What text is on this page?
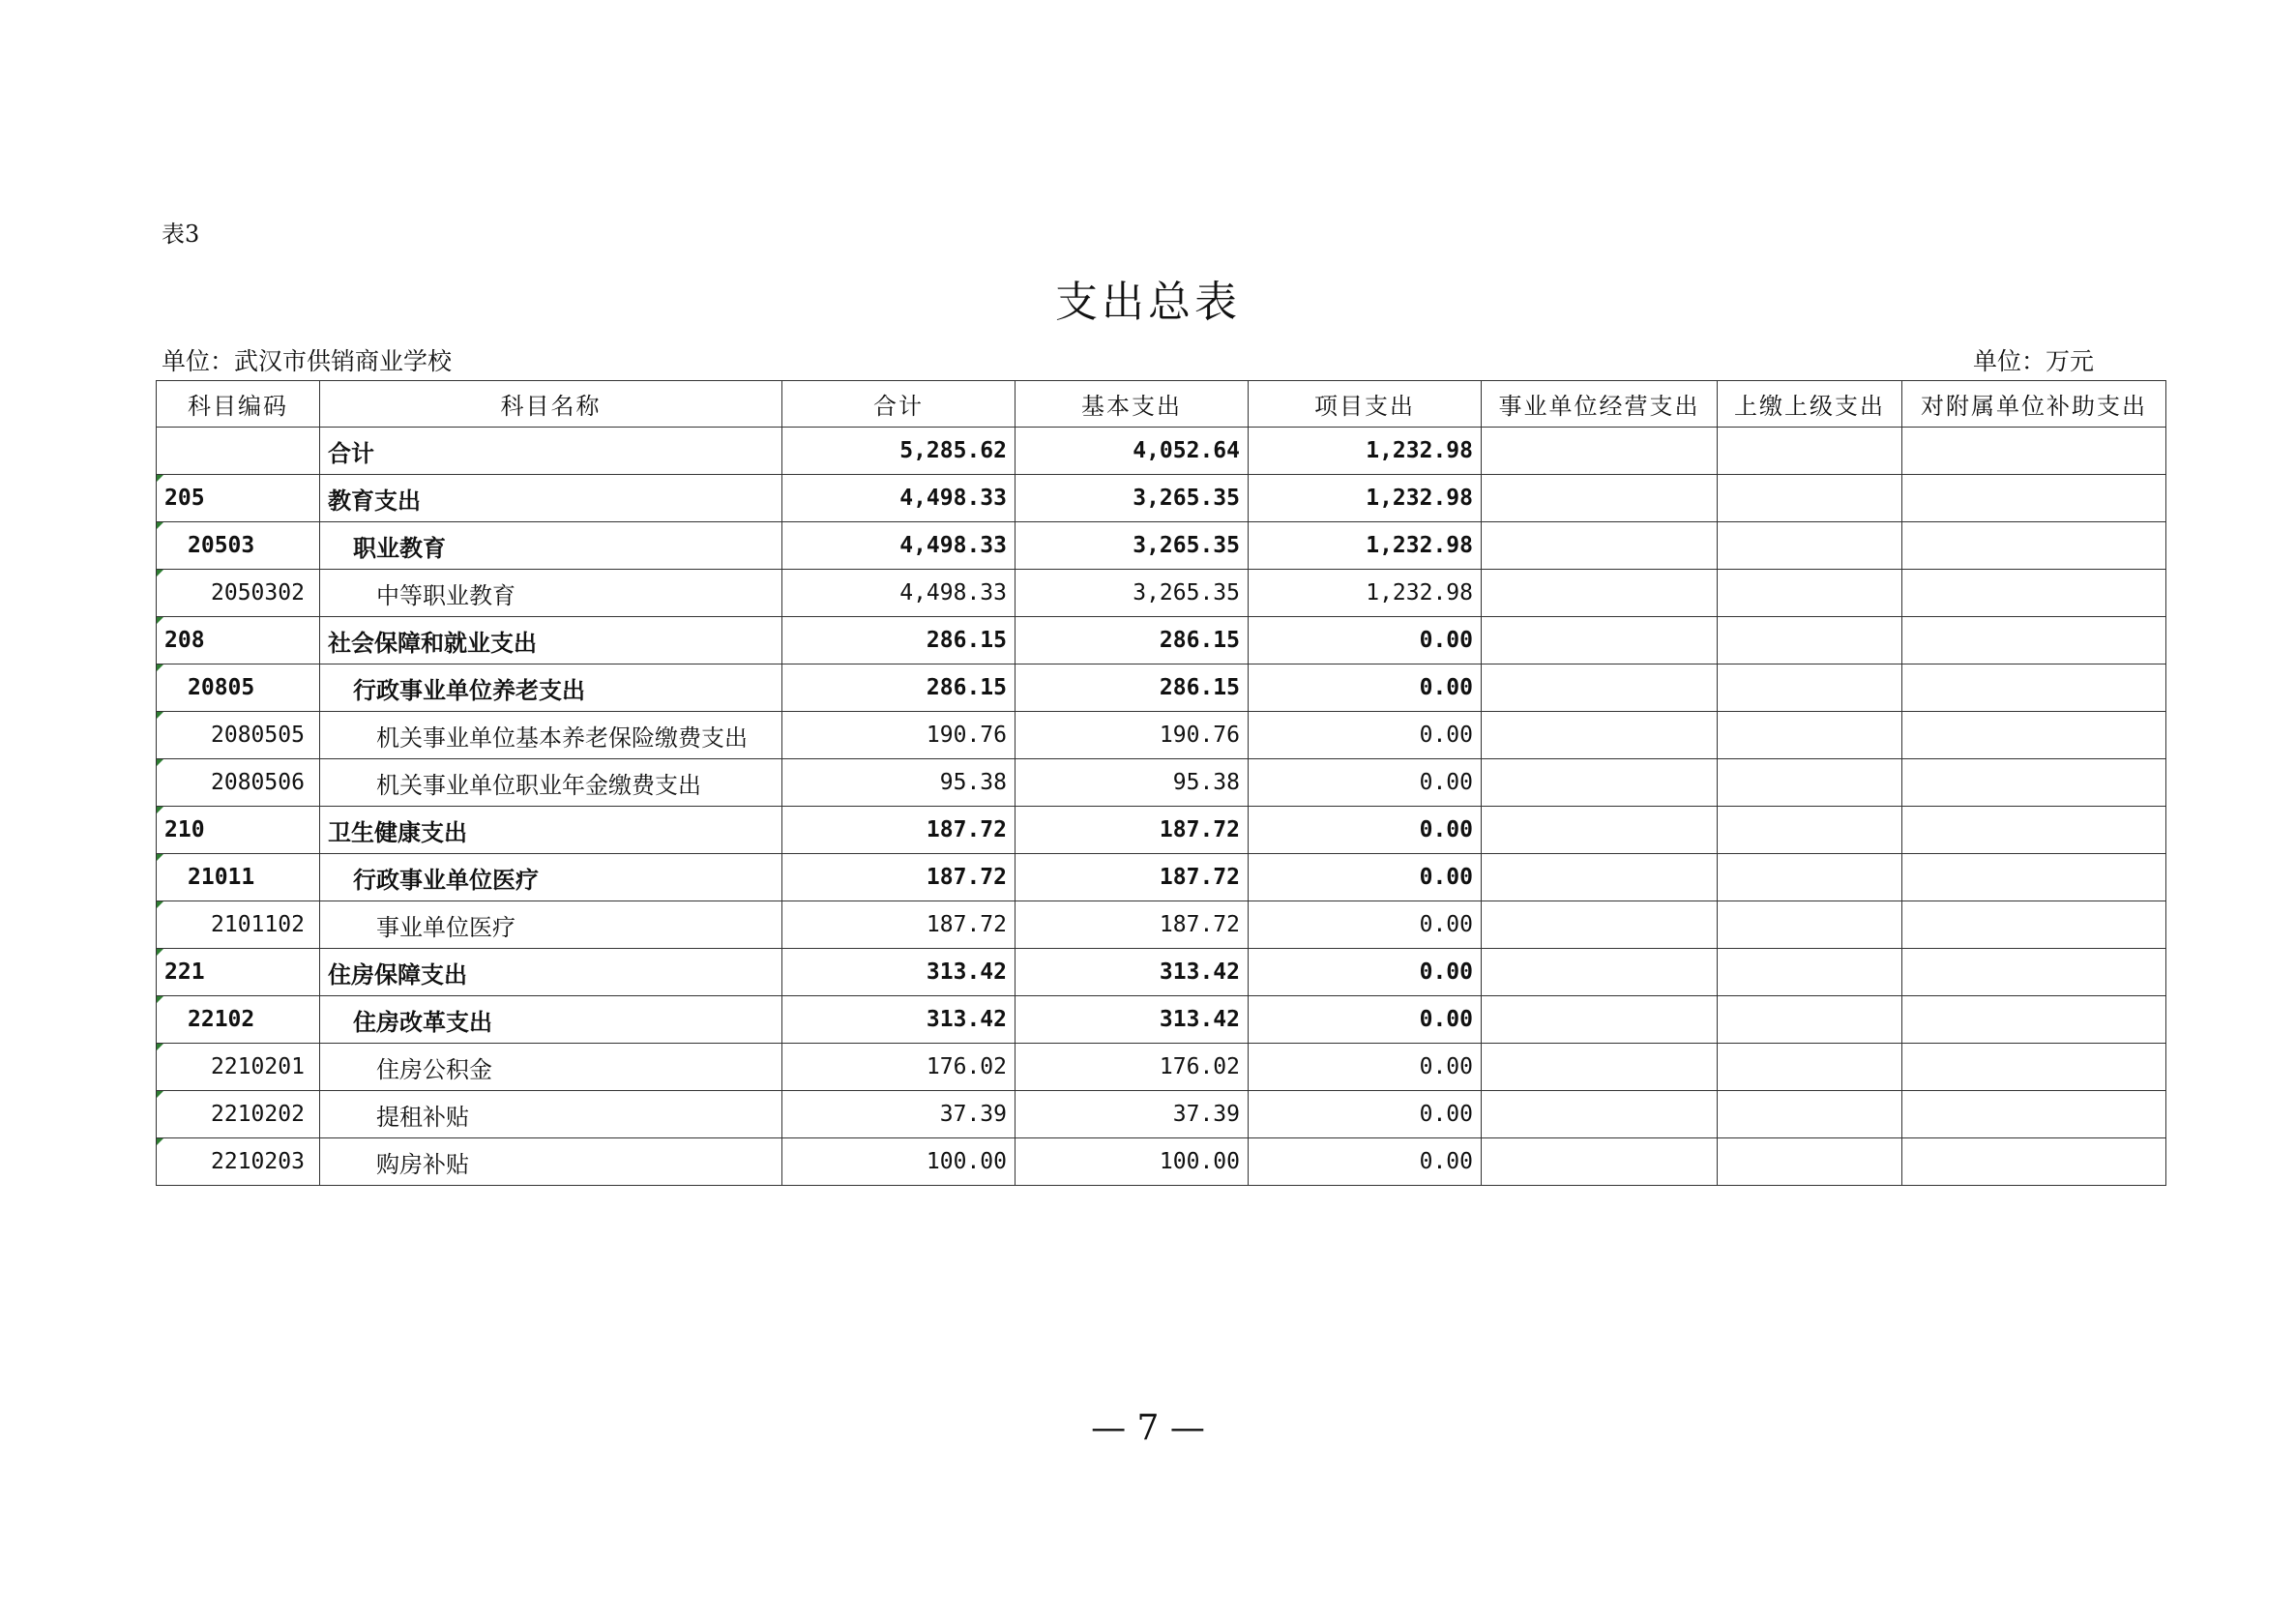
表3
支出总表
单位：武汉市供销商业学校	单位：万元
科目编码	科目名称	合计	基本支出	项目支出	事业单位经营支出	上缴上级支出	对附属单位补助支出
	合计	5,285.62	4,052.64	1,232.98			

205	教育支出	4,498.33	3,265.35	1,232.98			

20503	职业教育	4,498.33	3,265.35	1,232.98			

2050302	中等职业教育	4,498.33	3,265.35	1,232.98			

208	社会保障和就业支出	286.15	286.15	0.00			

20805	行政事业单位养老支出	286.15	286.15	0.00			

2080505	机关事业单位基本养老保险缴费支出	190.76	190.76	0.00			

2080506	机关事业单位职业年金缴费支出	95.38	95.38	0.00			

210	卫生健康支出	187.72	187.72	0.00			

21011	行政事业单位医疗	187.72	187.72	0.00			

2101102	事业单位医疗	187.72	187.72	0.00			

221	住房保障支出	313.42	313.42	0.00			

22102	住房改革支出	313.42	313.42	0.00			

2210201	住房公积金	176.02	176.02	0.00			

2210202	提租补贴	37.39	37.39	0.00			

2210203	购房补贴	100.00	100.00	0.00			
— 7 —
